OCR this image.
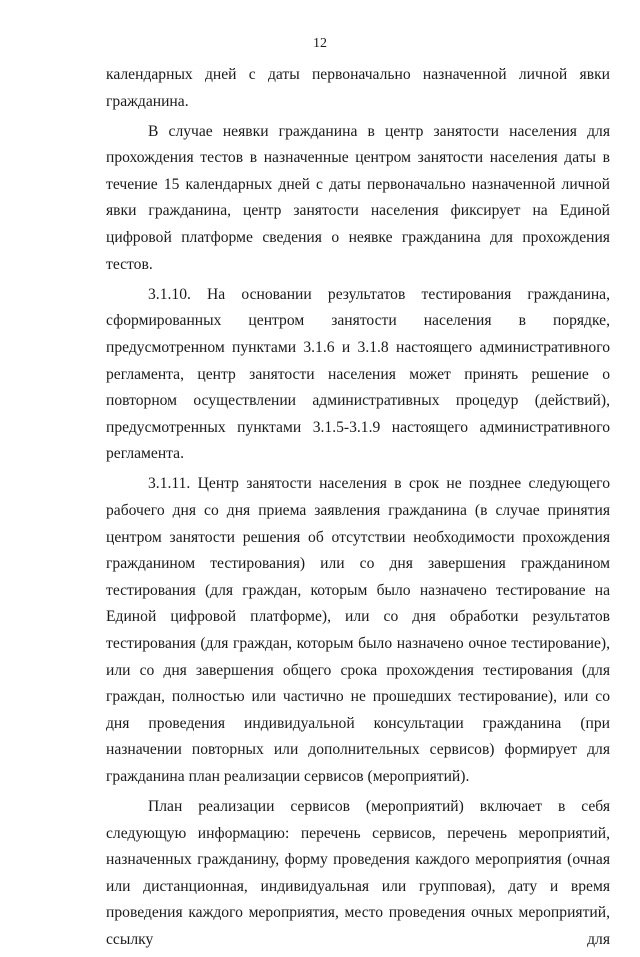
12

календарных дней с даты первоначально назначенной личной явки гражданина.

В случае неявки гражданина в центр занятости населения для прохождения тестов в назначенные центром занятости населения даты в течение 15 календарных дней с даты первоначально назначенной личной явки гражданина, центр занятости населения фиксирует на Единой цифровой платформе сведения о неявке гражданина для прохождения тестов.

3.1.10. На основании результатов тестирования гражданина, сформированных центром занятости населения в порядке, предусмотренном пунктами 3.1.6 и 3.1.8 настоящего административного регламента, центр занятости населения может принять решение о повторном осуществлении административных процедур (действий), предусмотренных пунктами 3.1.5-3.1.9 настоящего административного регламента.

3.1.11. Центр занятости населения в срок не позднее следующего рабочего дня со дня приема заявления гражданина (в случае принятия центром занятости решения об отсутствии необходимости прохождения гражданином тестирования) или со дня завершения гражданином тестирования (для граждан, которым было назначено тестирование на Единой цифровой платформе), или со дня обработки результатов тестирования (для граждан, которым было назначено очное тестирование), или со дня завершения общего срока прохождения тестирования (для граждан, полностью или частично не прошедших тестирование), или со дня проведения индивидуальной консультации гражданина (при назначении повторных или дополнительных сервисов) формирует для гражданина план реализации сервисов (мероприятий).

План реализации сервисов (мероприятий) включает в себя следующую информацию: перечень сервисов, перечень мероприятий, назначенных гражданину, форму проведения каждого мероприятия (очная или дистанционная, индивидуальная или групповая), дату и время проведения каждого мероприятия, место проведения очных мероприятий, ссылку для
